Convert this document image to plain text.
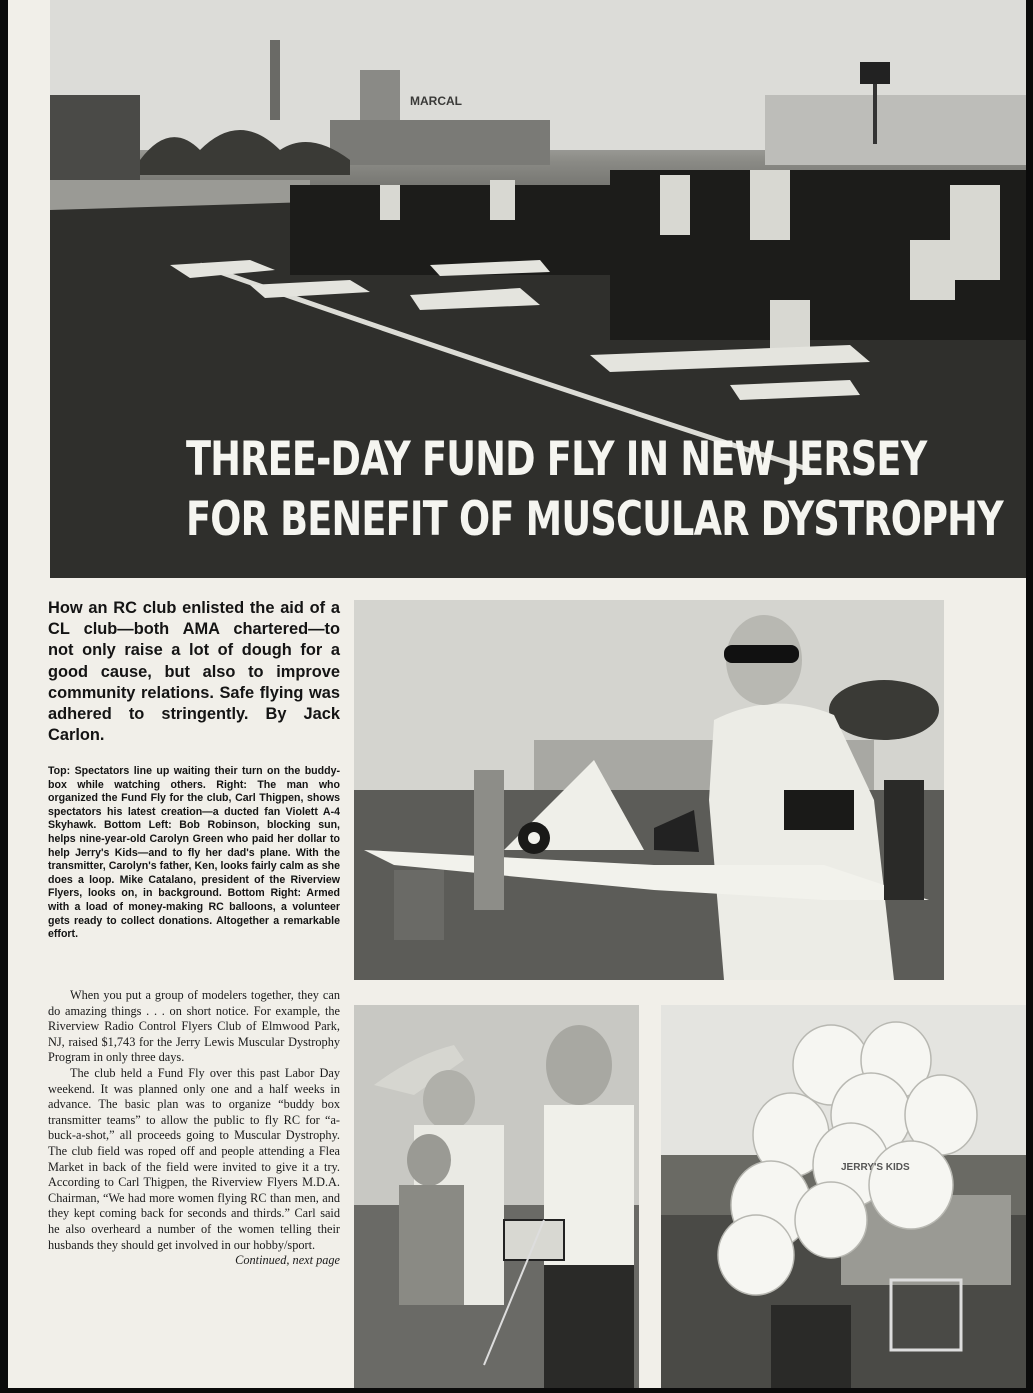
MARCAL
THREE-DAY FUND FLY IN NEW JERSEY
FOR BENEFIT OF MUSCULAR DYSTROPHY
How an RC club enlisted the aid of a CL club—both AMA chartered—to not only raise a lot of dough for a good cause, but also to improve community relations. Safe flying was adhered to stringently. By Jack Carlon.
Top: Spectators line up waiting their turn on the buddy-box while watching others. Right: The man who organized the Fund Fly for the club, Carl Thigpen, shows spectators his latest creation—a ducted fan Violett A-4 Skyhawk. Bottom Left: Bob Robinson, blocking sun, helps nine-year-old Carolyn Green who paid her dollar to help Jerry's Kids—and to fly her dad's plane. With the transmitter, Carolyn's father, Ken, looks fairly calm as she does a loop. Mike Catalano, president of the Riverview Flyers, looks on, in background. Bottom Right: Armed with a load of money-making RC balloons, a volunteer gets ready to collect donations. Altogether a remarkable effort.

When you put a group of modelers together, they can do amazing things . . . on short notice. For example, the Riverview Radio Control Flyers Club of Elmwood Park, NJ, raised $1,743 for the Jerry Lewis Muscular Dystrophy Program in only three days.

The club held a Fund Fly over this past Labor Day weekend. It was planned only one and a half weeks in advance. The basic plan was to organize “buddy box transmitter teams” to allow the public to fly RC for “a-buck-a-shot,” all proceeds going to Muscular Dystrophy. The club field was roped off and people attending a Flea Market in back of the field were invited to give it a try. According to Carl Thigpen, the Riverview Flyers M.D.A. Chairman, “We had more women flying RC than men, and they kept coming back for seconds and thirds.” Carl said he also overheard a number of the women telling their husbands they should get involved in our hobby/sport.
Continued, next page

JERRY'S KIDS
